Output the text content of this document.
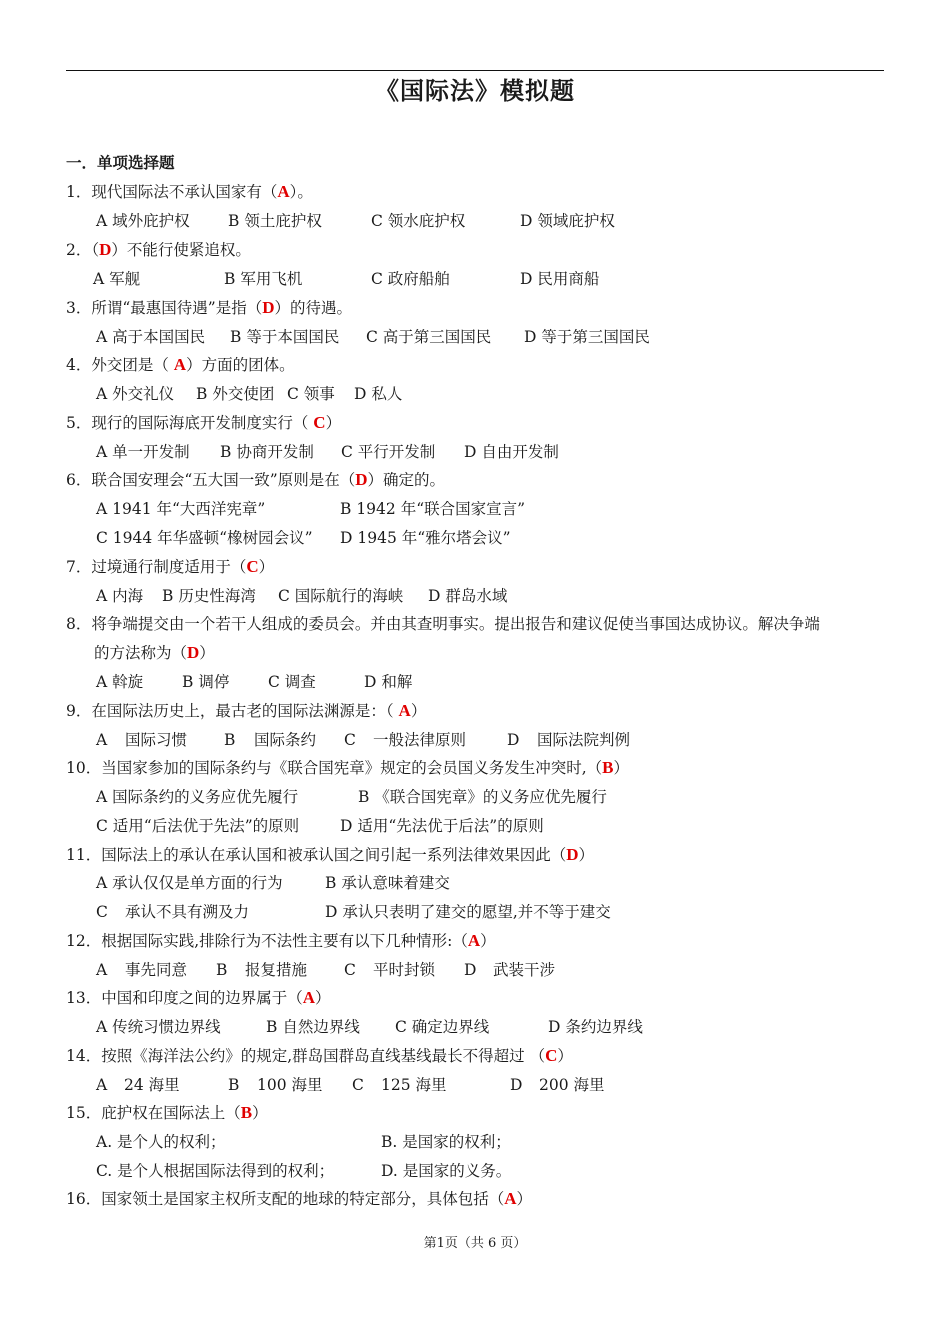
《国际法》模拟题
一．单项选择题
1．现代国际法不承认国家有（A）。
A 域外庇护权 B 领土庇护权	C 领水庇护权	D 领域庇护权
2．（D）不能行使紧追权。
A 军舰	B 军用飞机	C 政府船舶	D 民用商船
3．所谓“最惠国待遇”是指（D）的待遇。
A 高于本国国民 B 等于本国国民 C 高于第三国国民 D 等于第三国国民
4．外交团是（ A）方面的团体。
A 外交礼仪 B 外交使团 C 领事 D 私人
5．现行的国际海底开发制度实行（ C）
A 单一开发制 B 协商开发制 C 平行开发制 D 自由开发制
6．联合国安理会“五大国一致”原则是在（D）确定的。
A 1941 年“大西洋宪章”	B 1942 年“联合国家宣言”
C 1944 年华盛顿“橡树园会议” D 1945 年“雅尔塔会议”
7．过境通行制度适用于（C）
A 内海 B 历史性海湾 C 国际航行的海峡 D 群岛水域
8．将争端提交由一个若干人组成的委员会。并由其查明事实。提出报告和建议促使当事国达成协议。解决争端
的方法称为（D）
A 斡旋	B 调停 C 调查	D 和解
9．在国际法历史上，最古老的国际法渊源是：（ A）
A 国际习惯 B 国际条约 C 一般法律原则	D 国际法院判例
10．当国家参加的国际条约与《联合国宪章》规定的会员国义务发生冲突时,（B）
A 国际条约的义务应优先履行	B 《联合国宪章》的义务应优先履行
C 适用“后法优于先法”的原则	D 适用“先法优于后法”的原则
11．国际法上的承认在承认国和被承认国之间引起一系列法律效果因此（D）
A 承认仅仅是单方面的行为	B 承认意味着建交
C 承认不具有溯及力	D 承认只表明了建交的愿望,并不等于建交
12．根据国际实践,排除行为不法性主要有以下几种情形:（A）
A 事先同意 B 报复措施 C 平时封锁 D 武装干涉
13．中国和印度之间的边界属于（A）
A 传统习惯边界线	B 自然边界线 C 确定边界线	D 条约边界线
14．按照《海洋法公约》的规定,群岛国群岛直线基线最长不得超过 （C）
A 24 海里	B 100 海里 C 125 海里	D 200 海里
15．庇护权在国际法上（B）
A. 是个人的权利；	B. 是国家的权利；
C. 是个人根据国际法得到的权利；	D. 是国家的义务。
16．国家领土是国家主权所支配的地球的特定部分，具体包括（A）
第1页（共 6 页）
